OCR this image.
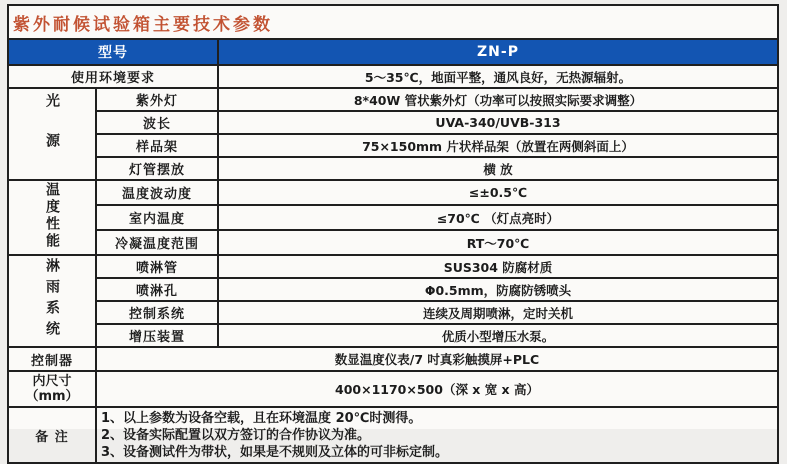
紫外耐候试验箱主要技术参数		
型号		ZN-P
使用环境要求		5～35℃，地面平整，通风良好，无热源辐射。
光源	紫外灯	8*40W 管状紫外灯（功率可以按照实际要求调整）
	波长	UVA-340/UVB-313
	样品架	75×150mm 片状样品架（放置在两侧斜面上）
	灯管摆放	横 放
温度性能	温度波动度	≤±0.5℃
	室内温度	≤70℃ （灯点亮时）
	冷凝温度范围	RT～70℃
淋雨系统	喷淋管	SUS304 防腐材质
	喷淋孔	Φ0.5mm，防腐防锈喷头
	控制系统	连续及周期喷淋，定时关机
	增压装置	优质小型增压水泵。
控制器	数显温度仪表/7 吋真彩触摸屏+PLC	

内尺寸
（mm）	400×1170×500（深 x 宽 x 高）	
备 注	1、以上参数为设备空载，且在环境温度 20℃时测得。
2、设备实际配置以双方签订的合作协议为准。
3、设备测试件为带状，如果是不规则及立体的可非标定制。	
